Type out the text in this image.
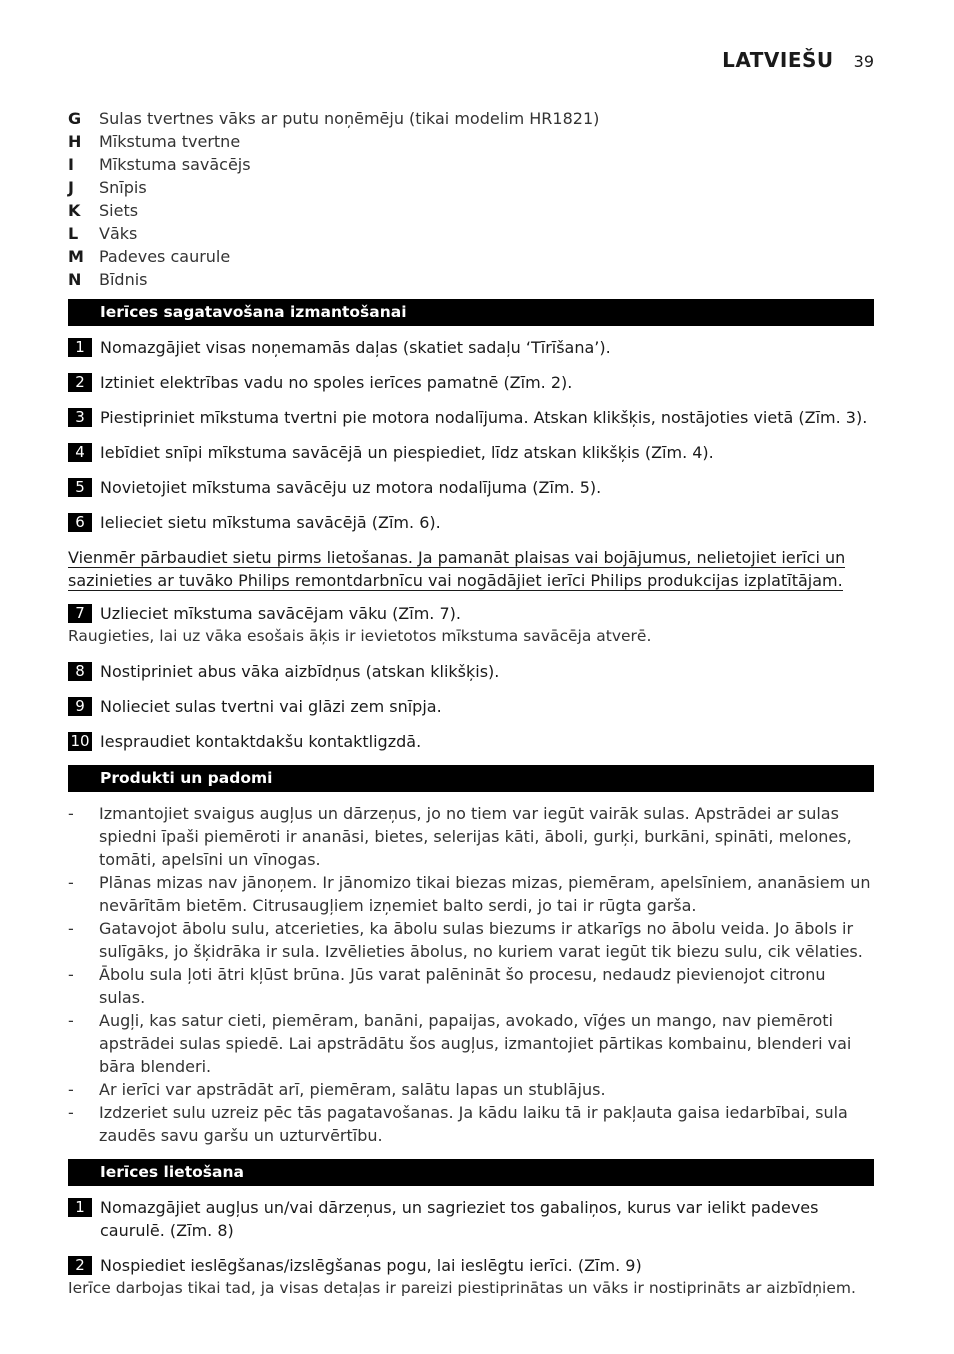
LATVIEŠU 39
G	Sulas tvertnes vāks ar putu noņēmēju (tikai modelim HR1821)
H	Mīkstuma tvertne
I	Mīkstuma savācējs
J	Snīpis
K	Siets
L	Vāks
M Padeves caurule
N	Bīdnis
Ierīces sagatavošana izmantošanai
1 Nomazgājiet visas noņemamās daļas (skatiet sadaļu ‘Tīrīšana’).
2 Iztiniet elektrības vadu no spoles ierīces pamatnē (Zīm. 2).
3 Piestipriniet mīkstuma tvertni pie motora nodalījuma. Atskan klikšķis, nostājoties vietā (Zīm. 3).
4 Iebīdiet snīpi mīkstuma savācējā un piespiediet, līdz atskan klikšķis (Zīm. 4).
5 Novietojiet mīkstuma savācēju uz motora nodalījuma (Zīm. 5).
6 Ielieciet sietu mīkstuma savācējā (Zīm. 6).

Vienmēr pārbaudiet sietu pirms lietošanas. Ja pamanāt plaisas vai bojājumus, nelietojiet ierīci un sazinieties ar tuvāko Philips remontdarbnīcu vai nogādājiet ierīci Philips produkcijas izplatītājam.

7 Uzlieciet mīkstuma savācējam vāku (Zīm. 7).
Raugieties, lai uz vāka esošais āķis ir ievietotos mīkstuma savācēja atverē.
8 Nostipriniet abus vāka aizbīdņus (atskan klikšķis).
9 Nolieciet sulas tvertni vai glāzi zem snīpja.
10 Iespraudiet kontaktdakšu kontaktligzdā.
Produkti un padomi
-	Izmantojiet svaigus augļus un dārzeņus, jo no tiem var iegūt vairāk sulas. Apstrādei ar sulas spiedni īpaši piemēroti ir ananāsi, bietes, selerijas kāti, āboli, gurķi, burkāni, spināti, melones, tomāti, apelsīni un vīnogas.
-	Plānas mizas nav jānoņem. Ir jānomizo tikai biezas mizas, piemēram, apelsīniem, ananāsiem un nevārītām bietēm. Citrusaugļiem izņemiet balto serdi, jo tai ir rūgta garša.
-	Gatavojot ābolu sulu, atcerieties, ka ābolu sulas biezums ir atkarīgs no ābolu veida. Jo ābols ir sulīgāks, jo šķidrāka ir sula. Izvēlieties ābolus, no kuriem varat iegūt tik biezu sulu, cik vēlaties.
-	Ābolu sula ļoti ātri kļūst brūna. Jūs varat palēnināt šo procesu, nedaudz pievienojot citronu sulas.
-	Augļi, kas satur cieti, piemēram, banāni, papaijas, avokado, vīģes un mango, nav piemēroti apstrādei sulas spiedē. Lai apstrādātu šos augļus, izmantojiet pārtikas kombainu, blenderi vai bāra blenderi.
-	Ar ierīci var apstrādāt arī, piemēram, salātu lapas un stublājus.
-	Izdzeriet sulu uzreiz pēc tās pagatavošanas. Ja kādu laiku tā ir pakļauta gaisa iedarbībai, sula zaudēs savu garšu un uzturvērtību.
Ierīces lietošana
1 Nomazgājiet augļus un/vai dārzeņus, un sagrieziet tos gabaliņos, kurus var ielikt padeves caurulē. (Zīm. 8)
2 Nospiediet ieslēgšanas/izslēgšanas pogu, lai ieslēgtu ierīci. (Zīm. 9)
Ierīce darbojas tikai tad, ja visas detaļas ir pareizi piestiprinātas un vāks ir nostiprināts ar aizbīdņiem.
